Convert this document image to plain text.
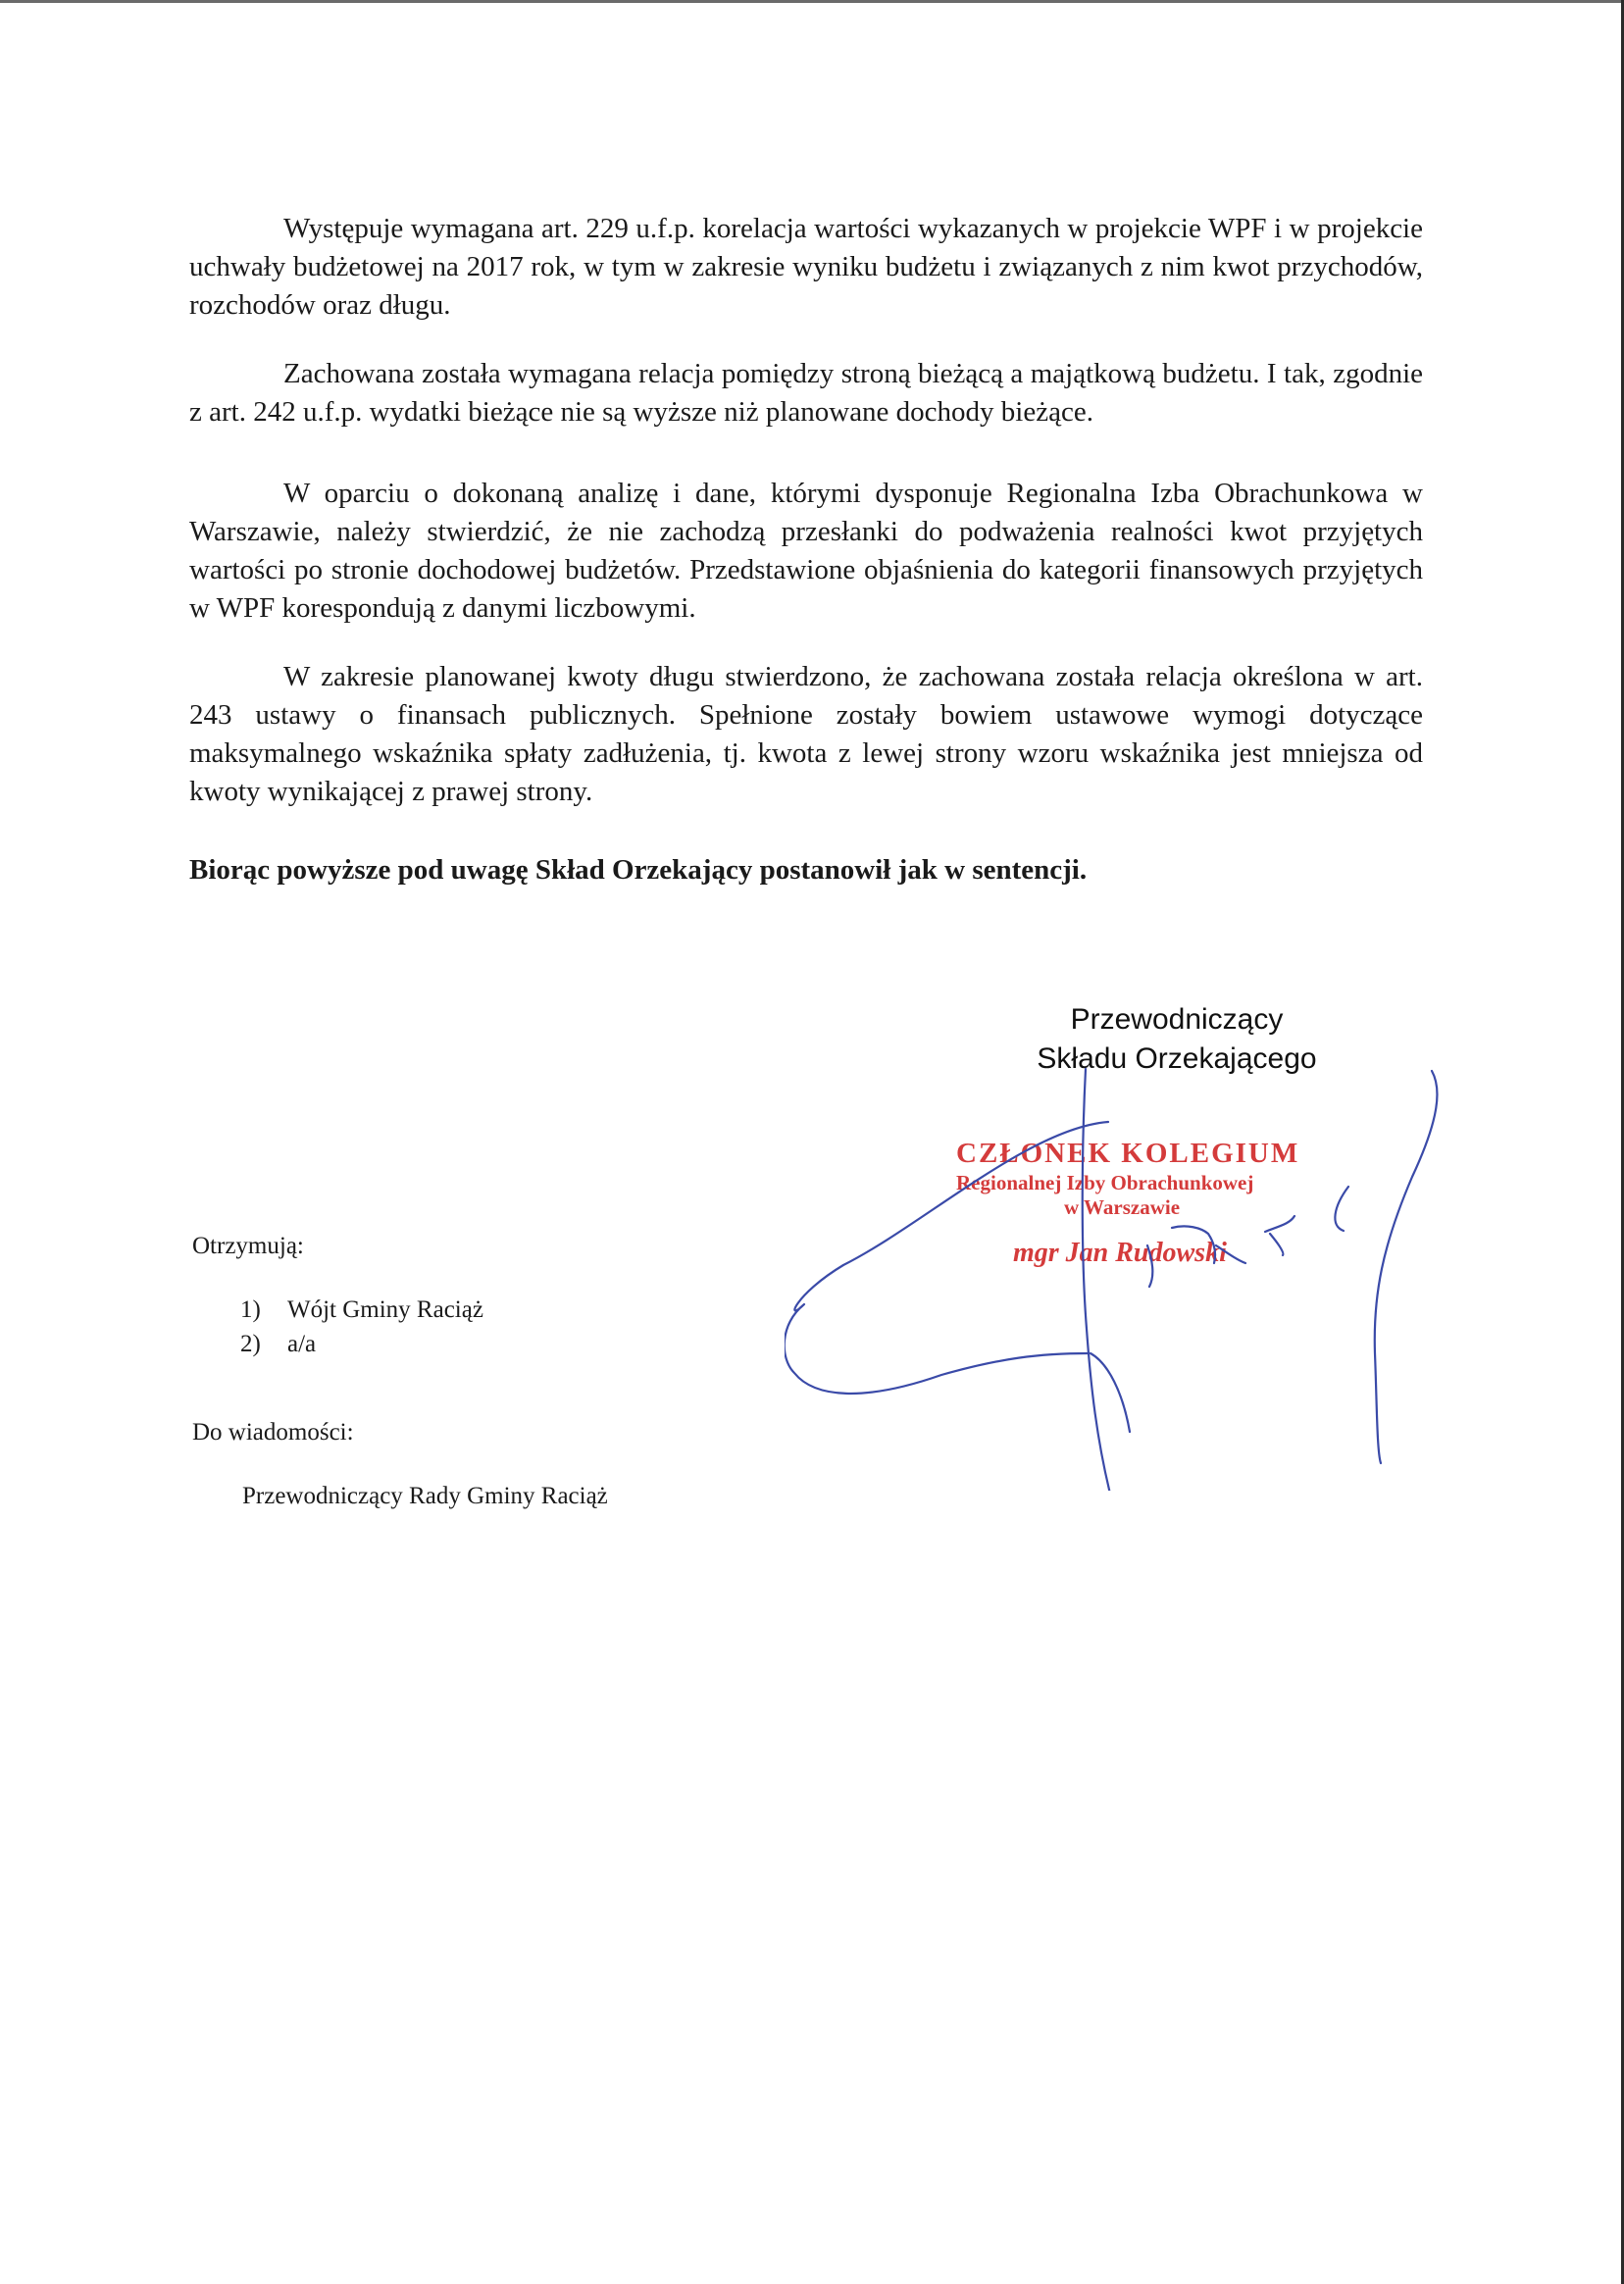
Występuje wymagana art. 229 u.f.p. korelacja wartości wykazanych w projekcie WPF i w projekcie uchwały budżetowej na 2017 rok, w tym w zakresie wyniku budżetu i związanych z nim kwot przychodów, rozchodów oraz długu.

Zachowana została wymagana relacja pomiędzy stroną bieżącą a majątkową budżetu. I tak, zgodnie z art. 242 u.f.p. wydatki bieżące nie są wyższe niż planowane dochody bieżące.

W oparciu o dokonaną analizę i dane, którymi dysponuje Regionalna Izba Obrachunkowa w Warszawie, należy stwierdzić, że nie zachodzą przesłanki do podważenia realności kwot przyjętych wartości po stronie dochodowej budżetów. Przedstawione objaśnienia do kategorii finansowych przyjętych w WPF korespondują z danymi liczbowymi.

W zakresie planowanej kwoty długu stwierdzono, że zachowana została relacja określona w art. 243 ustawy o finansach publicznych. Spełnione zostały bowiem ustawowe wymogi dotyczące maksymalnego wskaźnika spłaty zadłużenia, tj. kwota z lewej strony wzoru wskaźnika jest mniejsza od kwoty wynikającej z prawej strony.

Biorąc powyższe pod uwagę Skład Orzekający postanowił jak w sentencji.

Przewodniczący
Składu Orzekającego
CZŁONEK KOLEGIUM
Regionalnej Izby Obrachunkowej
w Warszawie
mgr Jan Rudowski
Otrzymują:
1) Wójt Gminy Raciąż
2) a/a
Do wiadomości:
Przewodniczący Rady Gminy Raciąż
